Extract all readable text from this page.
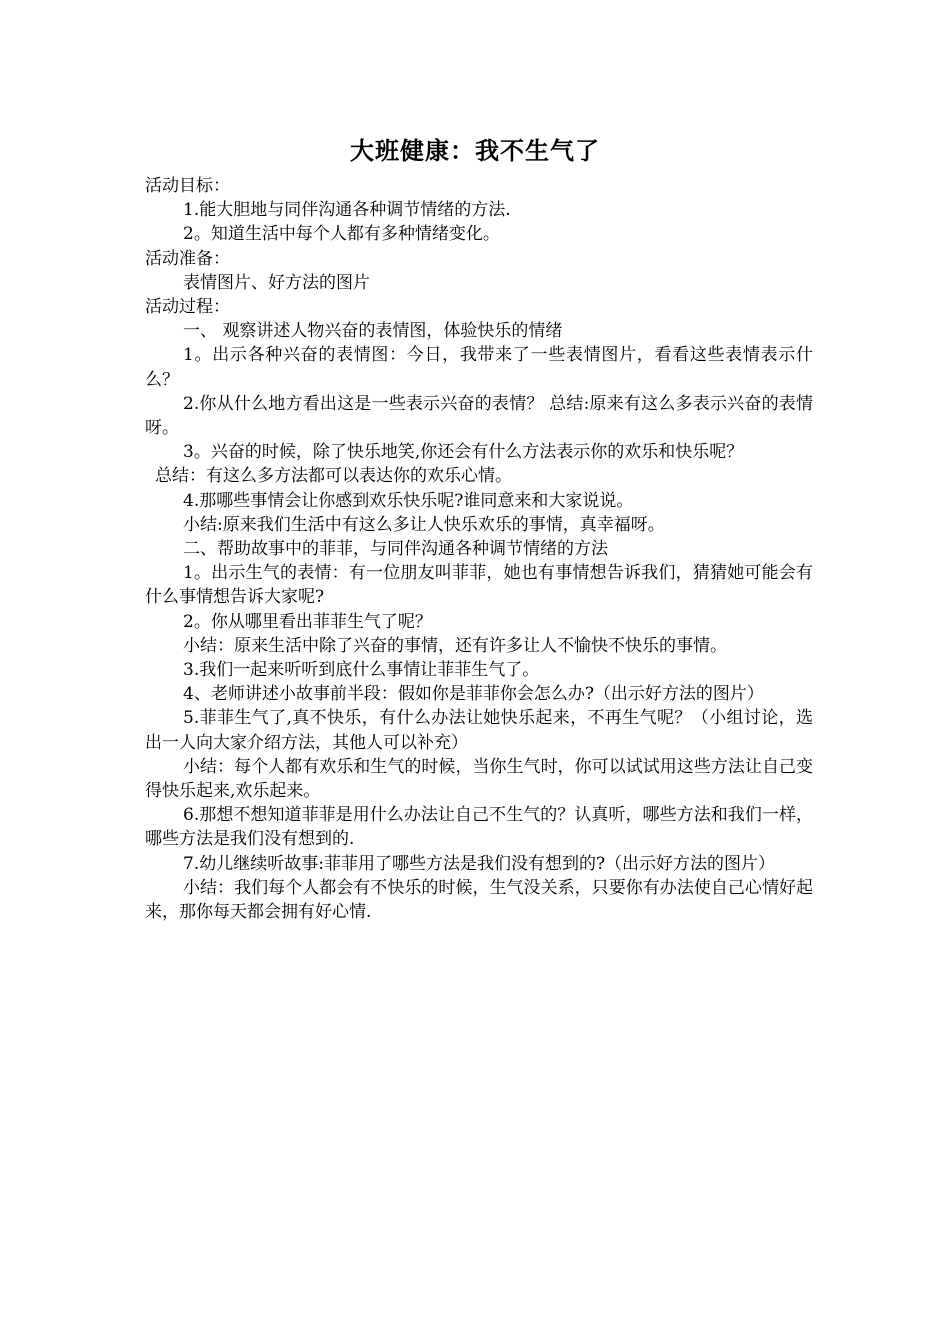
大班健康：我不生气了

活动目标：

1.能大胆地与同伴沟通各种调节情绪的方法.

2。知道生活中每个人都有多种情绪变化。

活动准备：

表情图片、好方法的图片

活动过程：

一、 观察讲述人物兴奋的表情图，体验快乐的情绪

1。出示各种兴奋的表情图：今日，我带来了一些表情图片，看看这些表情表示什么？

2.你从什么地方看出这是一些表示兴奋的表情？ 总结:原来有这么多表示兴奋的表情呀。

3。兴奋的时候，除了快乐地笑,你还会有什么方法表示你的欢乐和快乐呢？

总结：有这么多方法都可以表达你的欢乐心情。

4.那哪些事情会让你感到欢乐快乐呢?谁同意来和大家说说。

小结:原来我们生活中有这么多让人快乐欢乐的事情，真幸福呀。

二、帮助故事中的菲菲，与同伴沟通各种调节情绪的方法

1。出示生气的表情：有一位朋友叫菲菲，她也有事情想告诉我们，猜猜她可能会有什么事情想告诉大家呢?

2。你从哪里看出菲菲生气了呢？

小结：原来生活中除了兴奋的事情，还有许多让人不愉快不快乐的事情。

3.我们一起来听听到底什么事情让菲菲生气了。

4、老师讲述小故事前半段：假如你是菲菲你会怎么办?（出示好方法的图片）

5.菲菲生气了,真不快乐，有什么办法让她快乐起来，不再生气呢？（小组讨论，选出一人向大家介绍方法，其他人可以补充）

小结：每个人都有欢乐和生气的时候，当你生气时，你可以试试用这些方法让自己变得快乐起来,欢乐起来。

6.那想不想知道菲菲是用什么办法让自己不生气的？认真听，哪些方法和我们一样，哪些方法是我们没有想到的.

7.幼儿继续听故事:菲菲用了哪些方法是我们没有想到的?（出示好方法的图片）

小结：我们每个人都会有不快乐的时候，生气没关系，只要你有办法使自己心情好起来，那你每天都会拥有好心情.
